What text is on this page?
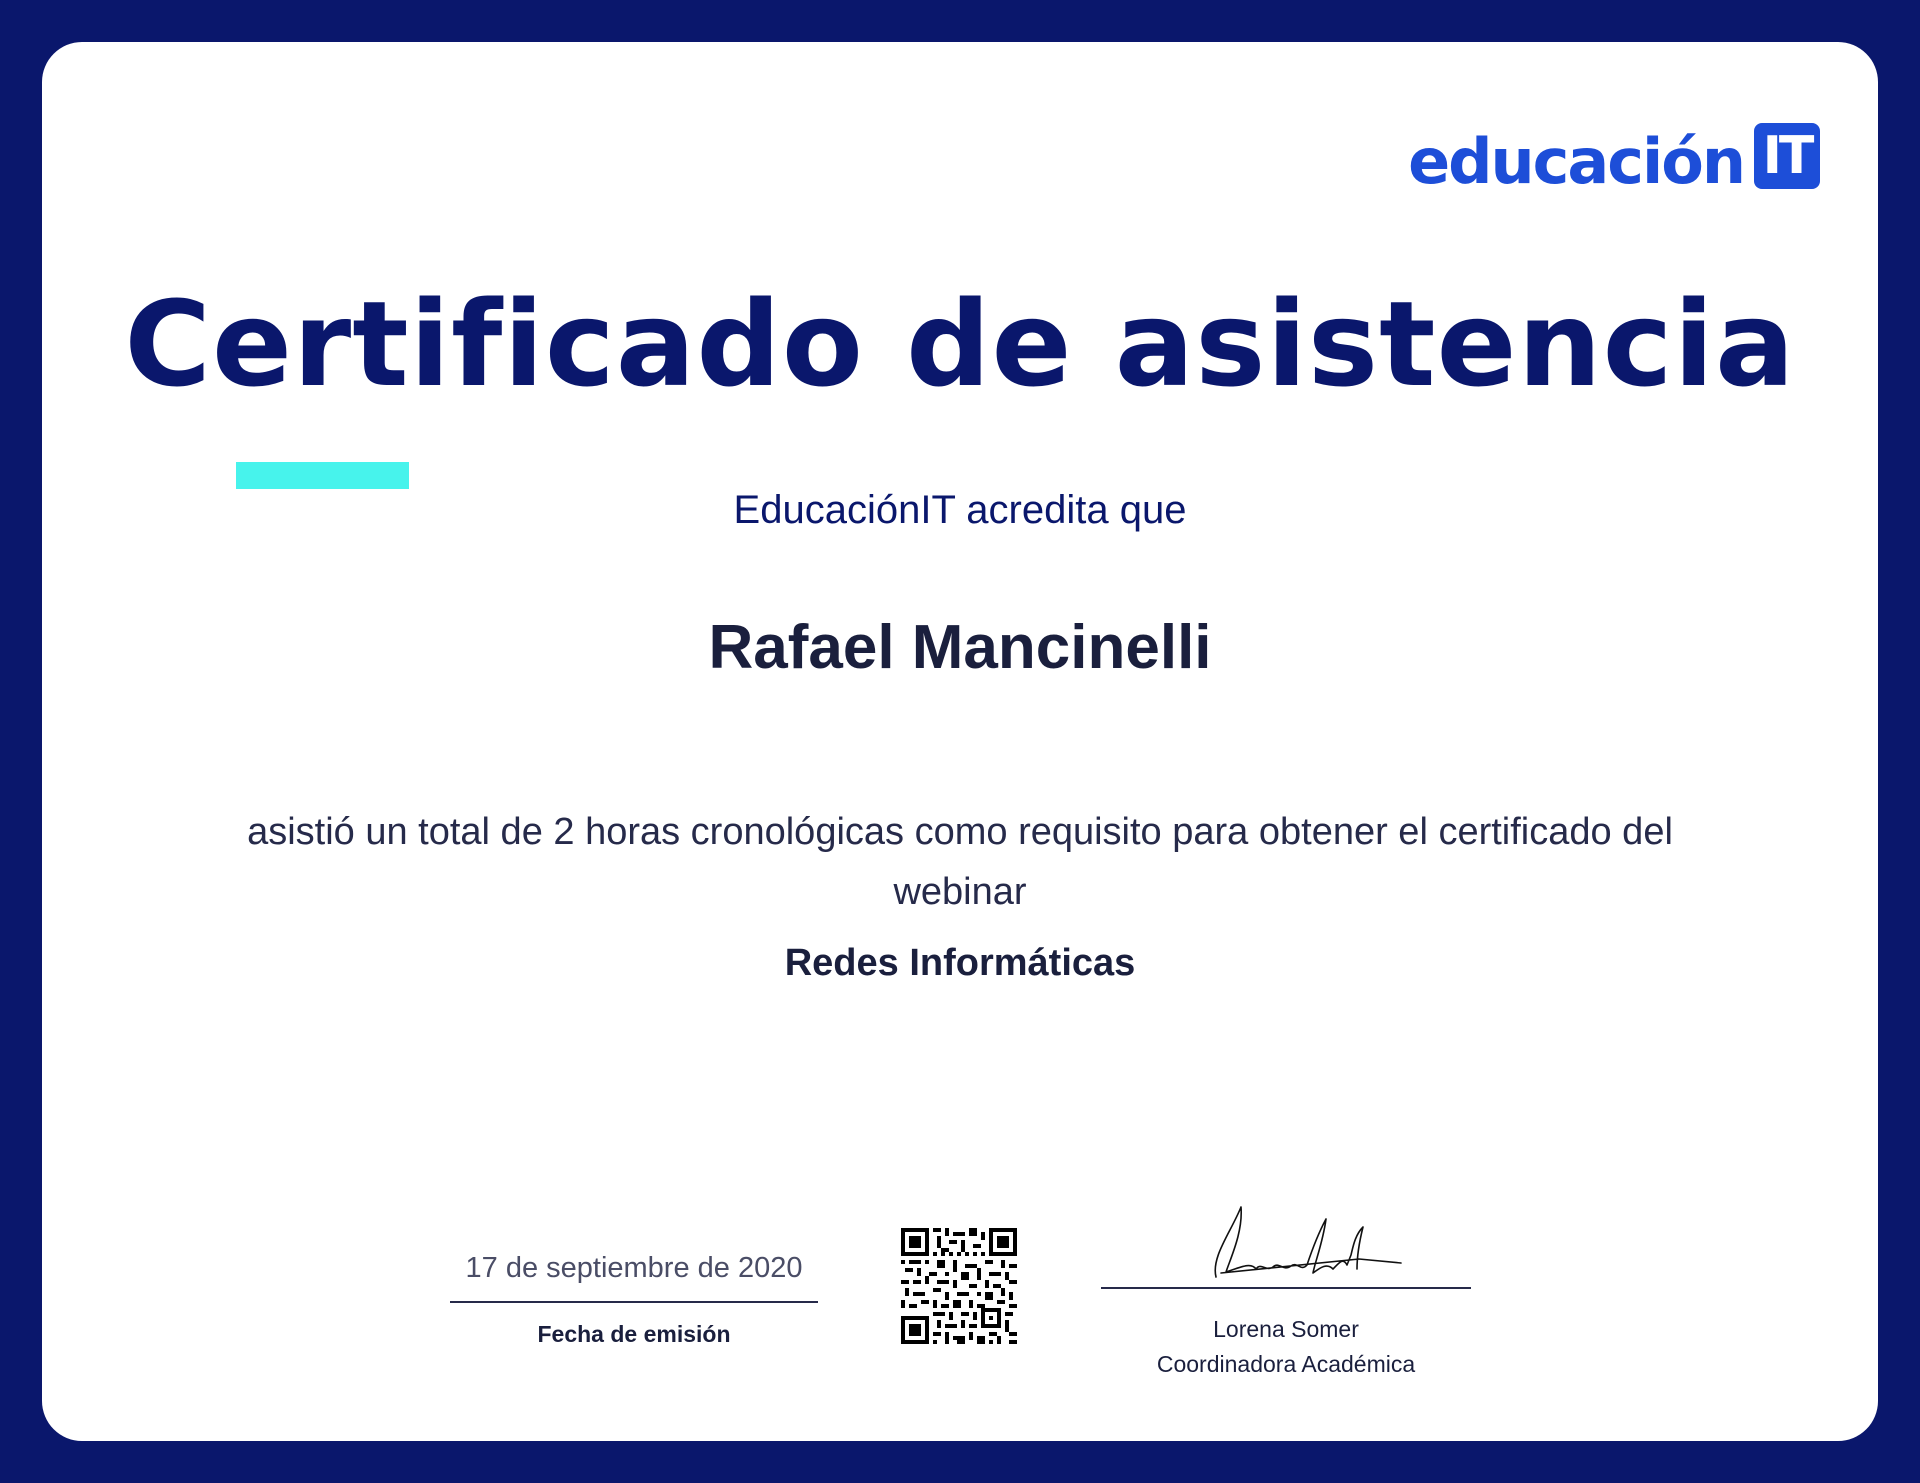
educación IT
Certificado de asistencia
EducaciónIT acredita que
Rafael Mancinelli
asistió un total de 2 horas cronológicas como requisito para obtener el certificado del webinar
Redes Informáticas
17 de septiembre de 2020
Fecha de emisión	Lorena Somer
Coordinadora Académica
